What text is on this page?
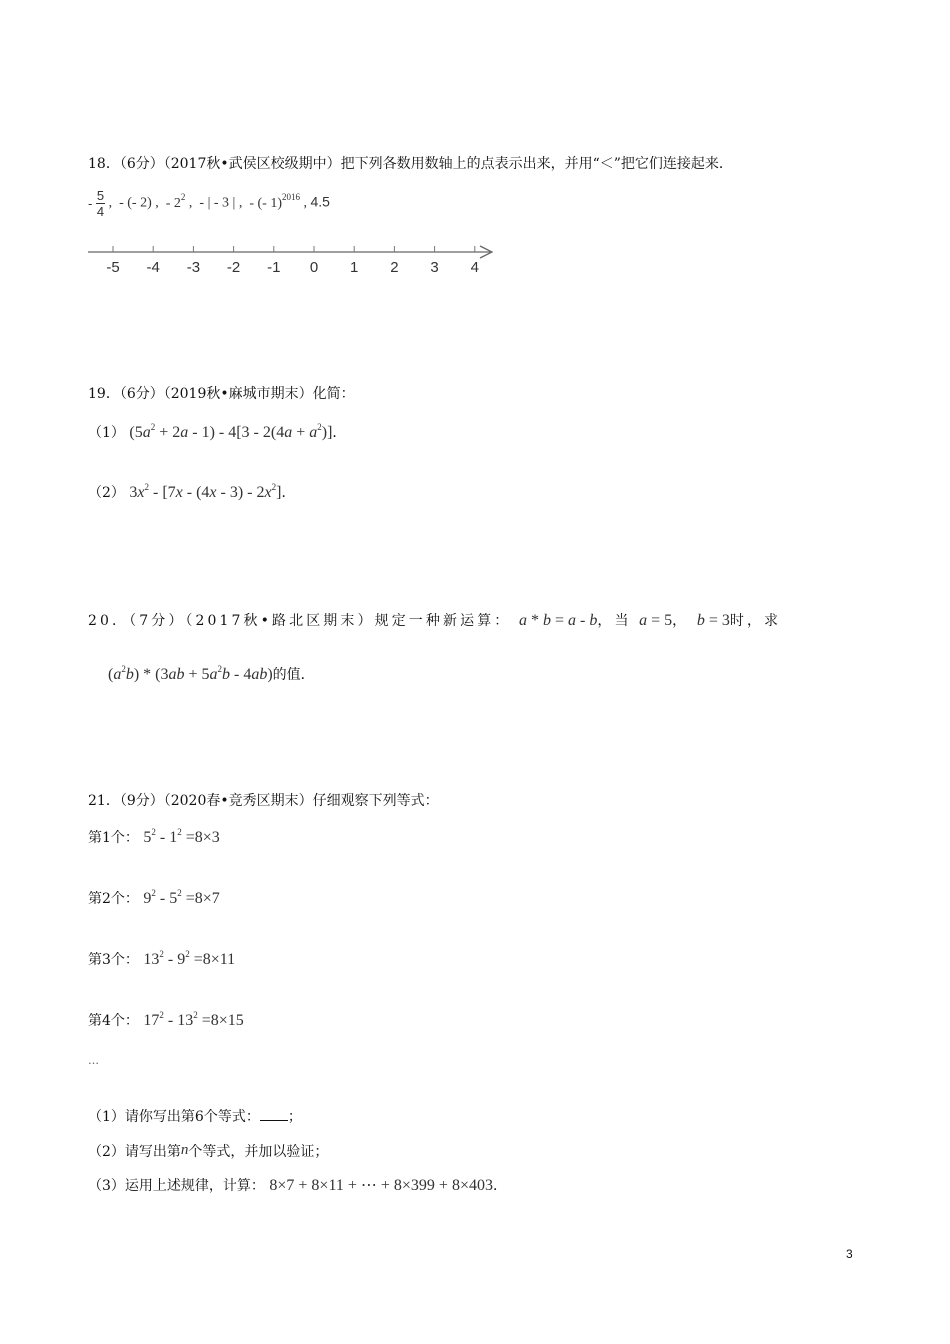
18．（6分）（2017秋•武侯区校级期中）把下列各数用数轴上的点表示出来，并用“＜”把它们连接起来．
- $\frac{5}{4}$ , - (- 2) , - $2^2$ , - | - 3 | , - (- 1)$^{2016}$ , 4.5
-5 -4 -3 -2 -1 0 1 2 3 4
19．（6分）（2019秋•麻城市期末）化简：
（1） $(5a^2 + 2a - 1) - 4[3 - 2(4a + a^2)]$．
（2） $3x^2 - [7x - (4x - 3) - 2x^2]$．
20．（7分）（2017秋•路北区期末）规定一种新运算： a * b = a - b，当 a = 5， b = 3时，求
$(a^2b) * (3ab + 5a^2b - 4ab)$的值．
21．（9分）（2020春•竞秀区期末）仔细观察下列等式：
第1个： $5^2 - 1^2 =8\times 3$
第2个： $9^2 - 5^2 =8\times 7$
第3个： $13^2 - 9^2 =8\times 11$
第4个： $17^2 - 13^2 =8\times 15$
…
（1）请你写出第6个等式： ；
（2）请写出第n个等式，并加以验证；
（3）运用上述规律，计算： 8×7 + 8×11 + ⋯ + 8×399 + 8×403．
3
